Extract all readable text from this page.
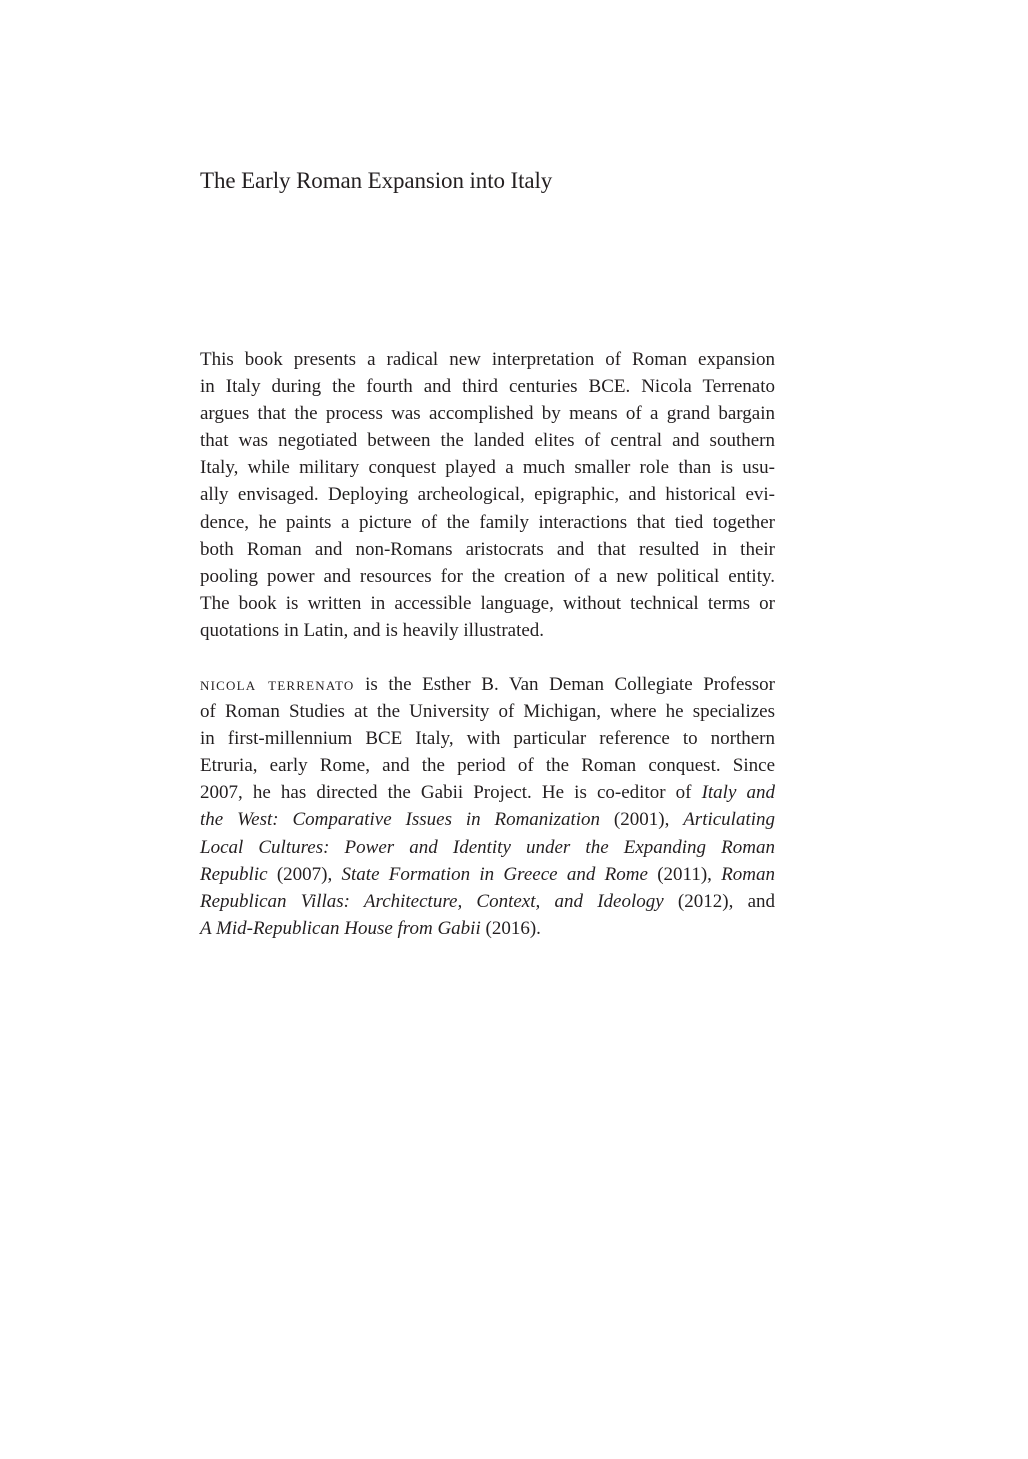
The Early Roman Expansion into Italy
This book presents a radical new interpretation of Roman expansion
in Italy during the fourth and third centuries BCE. Nicola Terrenato
argues that the process was accomplished by means of a grand bargain
that was negotiated between the landed elites of central and southern
Italy, while military conquest played a much smaller role than is usu-
ally envisaged. Deploying archeological, epigraphic, and historical evi-
dence, he paints a picture of the family interactions that tied together
both Roman and non-Romans aristocrats and that resulted in their
pooling power and resources for the creation of a new political entity.
The book is written in accessible language, without technical terms or
quotations in Latin, and is heavily illustrated.
nicola terrenato is the Esther B. Van Deman Collegiate Professor
of Roman Studies at the University of Michigan, where he specializes
in first-millennium BCE Italy, with particular reference to northern
Etruria, early Rome, and the period of the Roman conquest. Since
2007, he has directed the Gabii Project. He is co-editor of Italy and
the West: Comparative Issues in Romanization (2001), Articulating
Local Cultures: Power and Identity under the Expanding Roman
Republic (2007), State Formation in Greece and Rome (2011), Roman
Republican Villas: Architecture, Context, and Ideology (2012), and
A Mid-Republican House from Gabii (2016).
